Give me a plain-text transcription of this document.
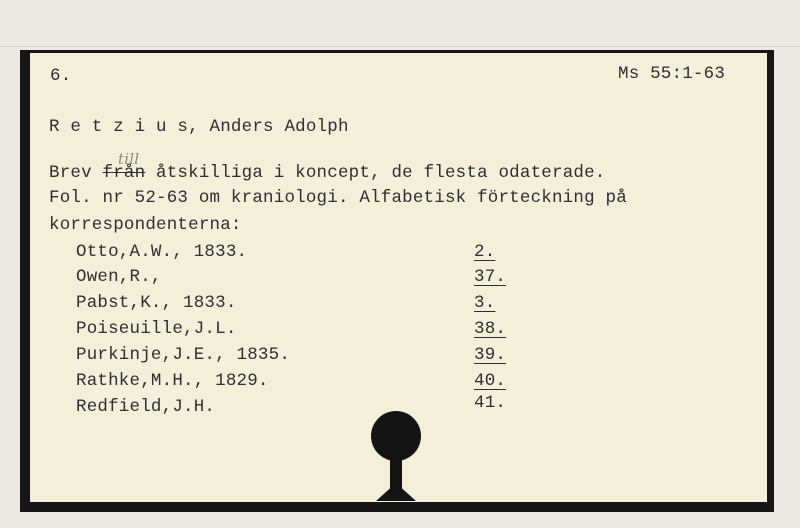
6.	Ms 55:1-63
R e t z i u s, Anders Adolph
till
Brev från åtskilliga i koncept, de flesta odaterade.
Fol. nr 52-63 om kraniologi. Alfabetisk förteckning på
korrespondenterna:
Otto,A.W., 1833.	2.
Owen,R.,	37.
Pabst,K., 1833.	3.
Poiseuille,J.L.	38.
Purkinje,J.E., 1835.	39.
Rathke,M.H., 1829.	40.
Redfield,J.H.	41.
